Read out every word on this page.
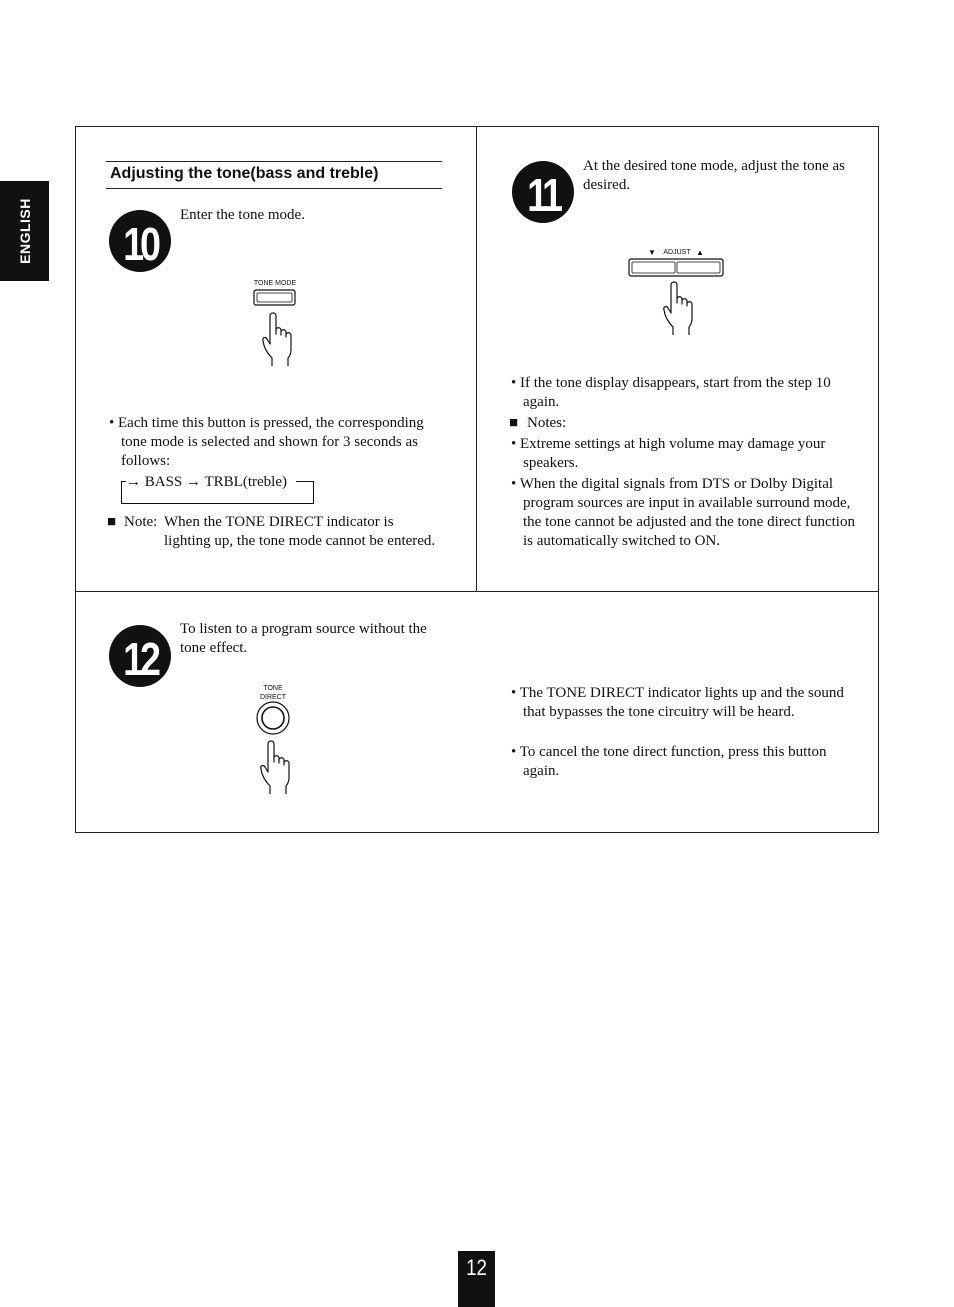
ENGLISH
Adjusting the tone(bass and treble)
10
Enter the tone mode.
TONE MODE
• Each time this button is pressed, the corresponding tone mode is selected and shown for 3 seconds as follows:
→ BASS → TRBL(treble)
■ Note: When the TONE DIRECT indicator is lighting up, the tone mode cannot be entered.
11
At the desired tone mode, adjust the tone as desired.
▼	ADJUST ▲
• If the tone display disappears, start from the step 10 again.
■ Notes:
• Extreme settings at high volume may damage your speakers.
• When the digital signals from DTS or Dolby Digital program sources are input in available surround mode, the tone cannot be adjusted and the tone direct function is automatically switched to ON.
12
To listen to a program source without the tone effect.
TONE
DIRECT	• The TONE DIRECT indicator lights up and the sound that bypasses the tone circuitry will be heard.
• To cancel the tone direct function, press this button again.
12
